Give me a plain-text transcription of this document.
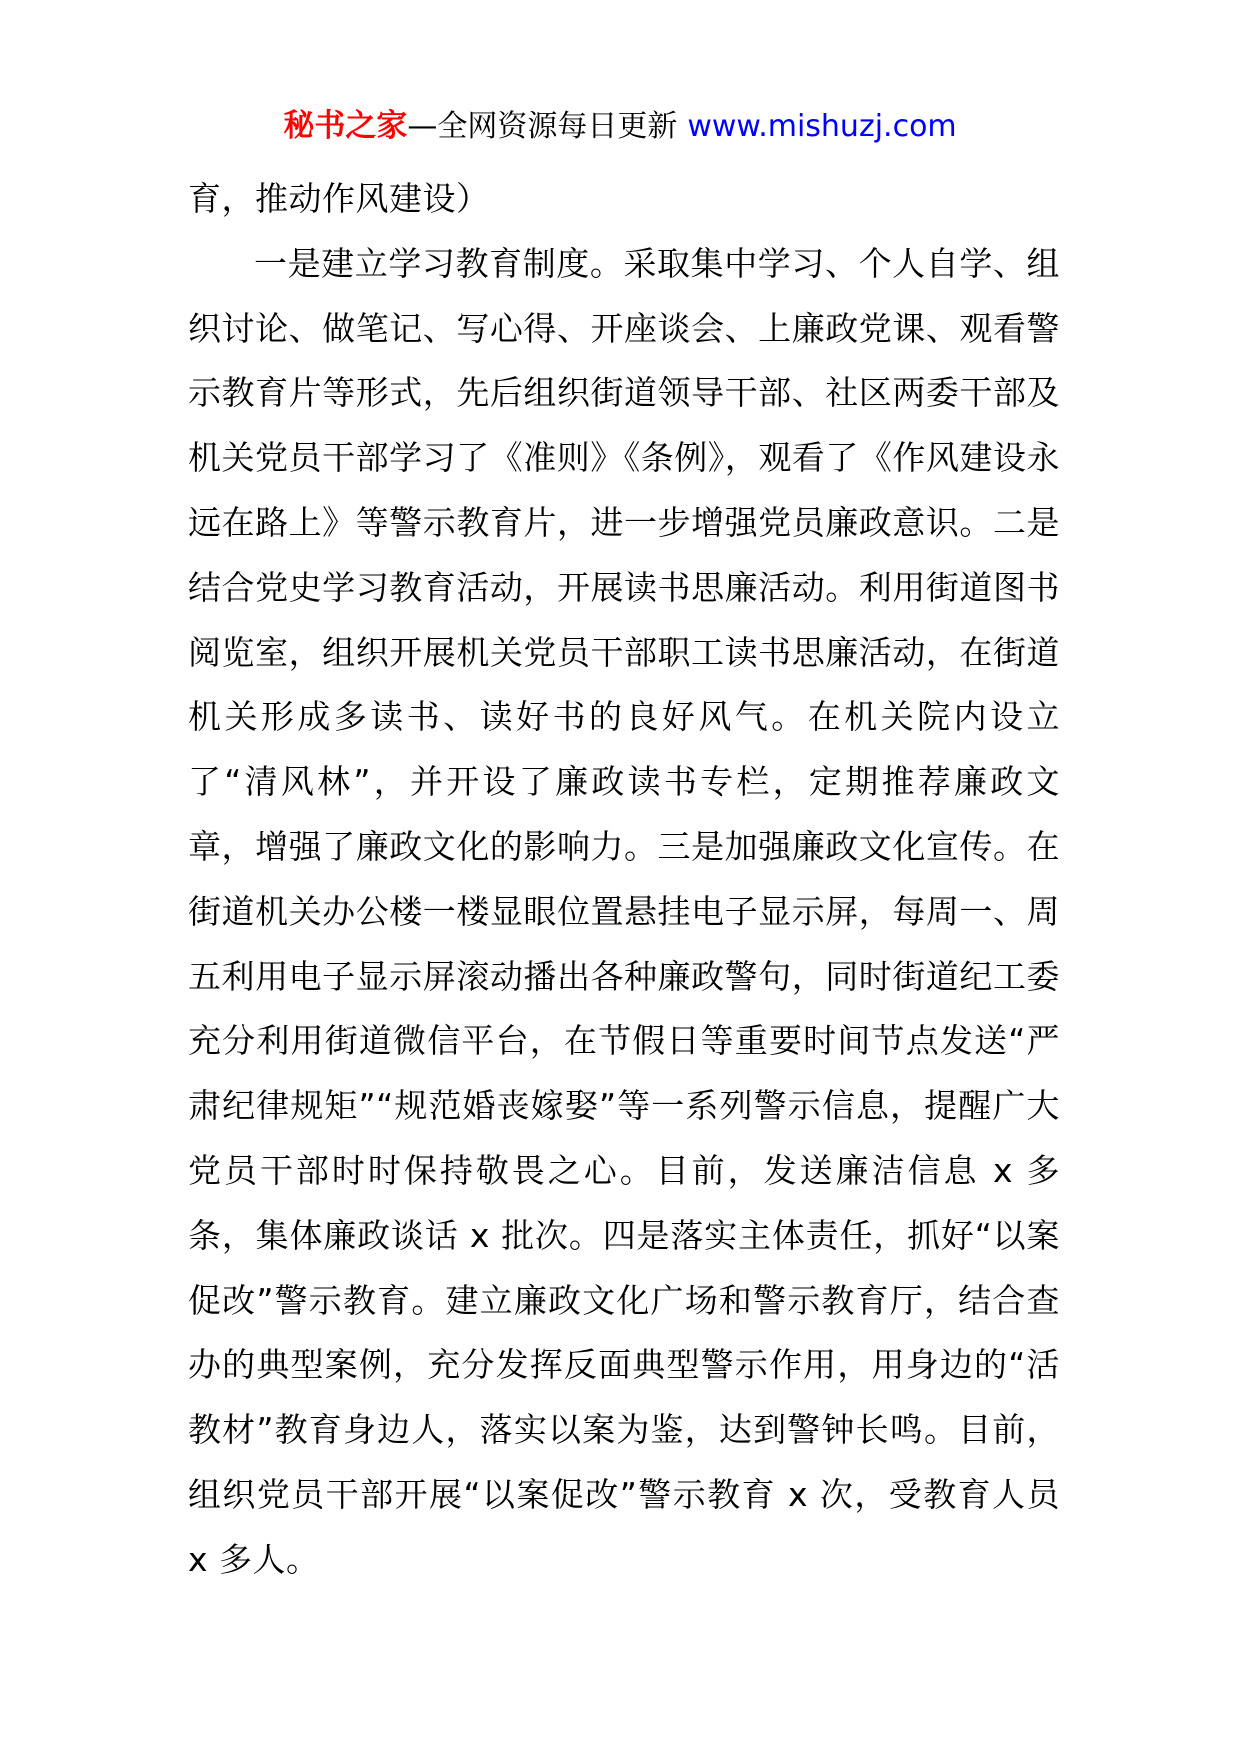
秘书之家—全网资源每日更新 www.mishuzj.com

育，推动作风建设）

一是建立学习教育制度。采取集中学习、个人自学、组织讨论、做笔记、写心得、开座谈会、上廉政党课、观看警示教育片等形式，先后组织街道领导干部、社区两委干部及机关党员干部学习了《准则》《条例》，观看了《作风建设永远在路上》等警示教育片，进一步增强党员廉政意识。二是结合党史学习教育活动，开展读书思廉活动。利用街道图书阅览室，组织开展机关党员干部职工读书思廉活动，在街道机关形成多读书、读好书的良好风气。在机关院内设立了“清风林”，并开设了廉政读书专栏，定期推荐廉政文章，增强了廉政文化的影响力。三是加强廉政文化宣传。在街道机关办公楼一楼显眼位置悬挂电子显示屏，每周一、周五利用电子显示屏滚动播出各种廉政警句，同时街道纪工委充分利用街道微信平台，在节假日等重要时间节点发送“严肃纪律规矩”“规范婚丧嫁娶”等一系列警示信息，提醒广大党员干部时时保持敬畏之心。目前，发送廉洁信息 x 多条，集体廉政谈话 x 批次。四是落实主体责任，抓好“以案促改”警示教育。建立廉政文化广场和警示教育厅，结合查办的典型案例，充分发挥反面典型警示作用，用身边的“活教材”教育身边人，落实以案为鉴，达到警钟长鸣。目前，组织党员干部开展“以案促改”警示教育 x 次，受教育人员 x 多人。
